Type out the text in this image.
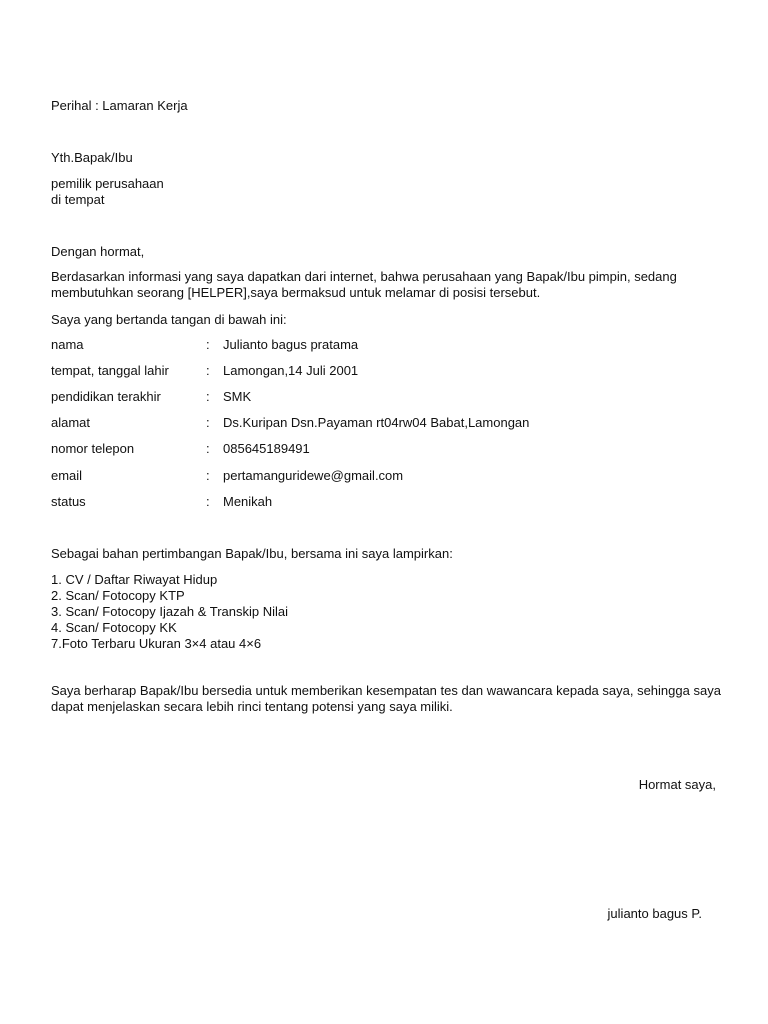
Perihal : Lamaran Kerja
Yth.Bapak/Ibu
pemilik perusahaan
di tempat
Dengan hormat,
Berdasarkan informasi yang saya dapatkan dari internet, bahwa perusahaan yang Bapak/Ibu pimpin, sedang membutuhkan seorang [HELPER],saya bermaksud untuk melamar di posisi tersebut.
Saya yang bertanda tangan di bawah ini:
nama	: Julianto bagus pratama
tempat, tanggal lahir	: Lamongan,14 Juli 2001
pendidikan terakhir	: SMK
alamat	: Ds.Kuripan Dsn.Payaman rt04rw04 Babat,Lamongan
nomor telepon	: 085645189491
email	: pertamanguridewe@gmail.com
status	: Menikah
Sebagai bahan pertimbangan Bapak/Ibu, bersama ini saya lampirkan:
1. CV / Daftar Riwayat Hidup
2. Scan/ Fotocopy KTP
3. Scan/ Fotocopy Ijazah & Transkip Nilai
4. Scan/ Fotocopy KK
7.Foto Terbaru Ukuran 3×4 atau 4×6
Saya berharap Bapak/Ibu bersedia untuk memberikan kesempatan tes dan wawancara kepada saya, sehingga saya dapat menjelaskan secara lebih rinci tentang potensi yang saya miliki.
Hormat saya,
julianto bagus P.
